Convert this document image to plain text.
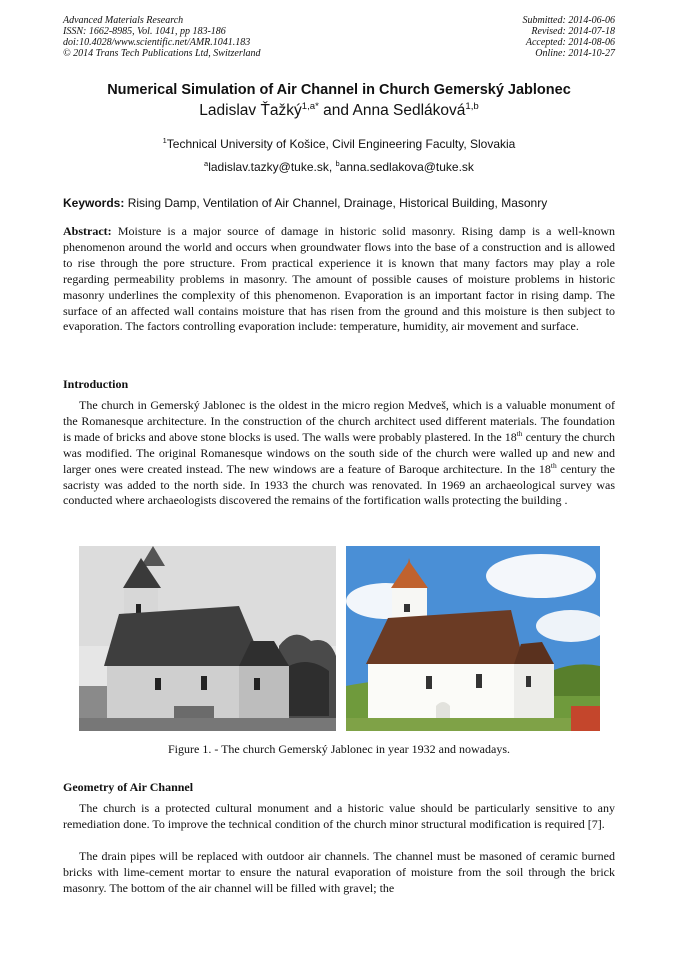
Advanced Materials Research
ISSN: 1662-8985, Vol. 1041, pp 183-186
doi:10.4028/www.scientific.net/AMR.1041.183
© 2014 Trans Tech Publications Ltd, Switzerland
Submitted: 2014-06-06
Revised: 2014-07-18
Accepted: 2014-08-06
Online: 2014-10-27
Numerical Simulation of Air Channel in Church Gemerský Jablonec
Ladislav Ťažký$^{1,a*}$ and Anna Sedláková$^{1,b}$
$^1$Technical University of Košice, Civil Engineering Faculty, Slovakia
$^a$ladislav.tazky@tuke.sk, $^b$anna.sedlakova@tuke.sk
Keywords: Rising Damp, Ventilation of Air Channel, Drainage, Historical Building, Masonry
Abstract: Moisture is a major source of damage in historic solid masonry. Rising damp is a well-known phenomenon around the world and occurs when groundwater flows into the base of a construction and is allowed to rise through the pore structure. From practical experience it is known that many factors may play a role regarding permeability problems in masonry. The amount of possible causes of moisture problems in historic masonry underlines the complexity of this phenomenon. Evaporation is an important factor in rising damp. The surface of an affected wall contains moisture that has risen from the ground and this moisture is then subject to evaporation. The factors controlling evaporation include: temperature, humidity, air movement and surface.
Introduction
The church in Gemerský Jablonec is the oldest in the micro region Medveš, which is a valuable monument of the Romanesque architecture. In the construction of the church architect used different materials. The foundation is made of bricks and above stone blocks is used. The walls were probably plastered. In the 18th century the church was modified. The original Romanesque windows on the south side of the church were walled up and new and larger ones were created instead. The new windows are a feature of Baroque architecture. In the 18th century the sacristy was added to the north side. In 1933 the church was renovated. In 1969 an archaeological survey was conducted where archaeologists discovered the remains of the fortification walls protecting the building .
Figure 1. - The church Gemerský Jablonec in year 1932 and nowadays.
Geometry of Air Channel
The church is a protected cultural monument and a historic value should be particularly sensitive to any remediation done. To improve the technical condition of the church minor structural modification is required [7].
The drain pipes will be replaced with outdoor air channels. The channel must be masoned of ceramic burned bricks with lime-cement mortar to ensure the natural evaporation of moisture from the soil through the brick masonry. The bottom of the air channel will be filled with gravel; the
